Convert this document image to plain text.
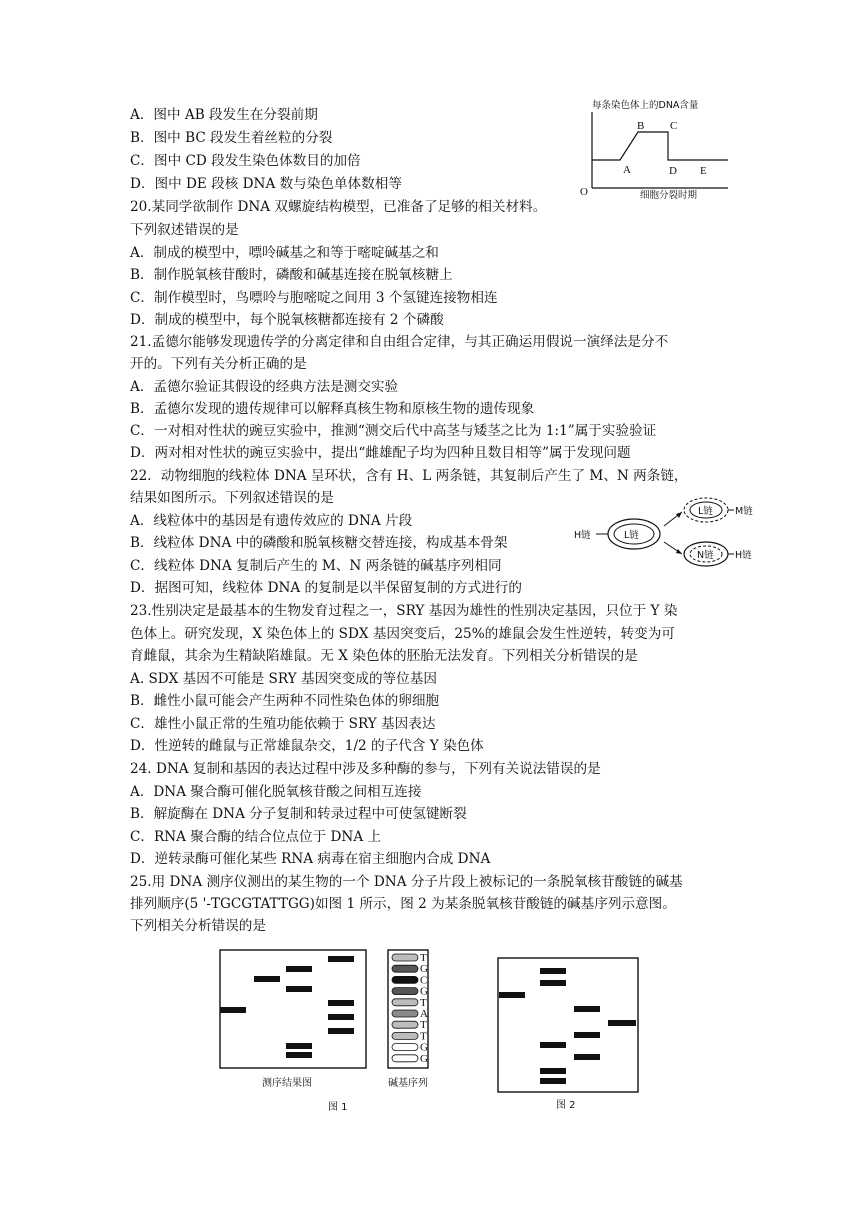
A．图中 AB 段发生在分裂前期
B．图中 BC 段发生着丝粒的分裂
C．图中 CD 段发生染色体数目的加倍
D．图中 DE 段核 DNA 数与染色单体数相等
每条染色体上的DNA含量
O
A
B C
D E
细胞分裂时期
20.某同学欲制作 DNA 双螺旋结构模型，已准备了足够的相关材料。
下列叙述错误的是
A．制成的模型中，嘌呤碱基之和等于嘧啶碱基之和
B．制作脱氧核苷酸时，磷酸和碱基连接在脱氧核糖上
C．制作模型时，鸟嘌呤与胞嘧啶之间用 3 个氢键连接物相连
D．制成的模型中，每个脱氧核糖都连接有 2 个磷酸
21.孟德尔能够发现遗传学的分离定律和自由组合定律，与其正确运用假说一演绎法是分不
开的。下列有关分析正确的是
A．孟德尔验证其假设的经典方法是测交实验
B．孟德尔发现的遗传规律可以解释真核生物和原核生物的遗传现象
C．一对相对性状的豌豆实验中，推测“测交后代中高茎与矮茎之比为 1:1”属于实验验证
D．两对相对性状的豌豆实验中，提出“雌雄配子均为四种且数目相等”属于发现问题
22．动物细胞的线粒体 DNA 呈环状，含有 H、L 两条链，其复制后产生了 M、N 两条链，
结果如图所示。下列叙述错误的是
A．线粒体中的基因是有遗传效应的 DNA 片段
B．线粒体 DNA 中的磷酸和脱氧核糖交替连接，构成基本骨架
C．线粒体 DNA 复制后产生的 M、N 两条链的碱基序列相同
D．据图可知，线粒体 DNA 的复制是以半保留复制的方式进行的
L链
H链
L链 M链
N链 H链
23.性别决定是最基本的生物发育过程之一，SRY 基因为雄性的性别决定基因，只位于 Y 染
色体上。研究发现，X 染色体上的 SDX 基因突变后，25%的雄鼠会发生性逆转，转变为可
育雌鼠，其余为生精缺陷雄鼠。无 X 染色体的胚胎无法发育。下列相关分析错误的是
A. SDX 基因不可能是 SRY 基因突变成的等位基因
B．雌性小鼠可能会产生两种不同性染色体的卵细胞
C．雄性小鼠正常的生殖功能依赖于 SRY 基因表达
D．性逆转的雌鼠与正常雄鼠杂交，1/2 的子代含 Y 染色体
24. DNA 复制和基因的表达过程中涉及多种酶的参与，下列有关说法错误的是
A．DNA 聚合酶可催化脱氧核苷酸之间相互连接
B．解旋酶在 DNA 分子复制和转录过程中可使氢键断裂
C．RNA 聚合酶的结合位点位于 DNA 上
D．逆转录酶可催化某些 RNA 病毒在宿主细胞内合成 DNA
25.用 DNA 测序仪测出的某生物的一个 DNA 分子片段上被标记的一条脱氧核苷酸链的碱基
排列顺序(5 '-TGCGTATTGG)如图 1 所示，图 2 为某条脱氧核苷酸链的碱基序列示意图。
下列相关分析错误的是
测序结果图
T
G
C
G
T
A
T
T
G
G
碱基序列
图 1	图 2
